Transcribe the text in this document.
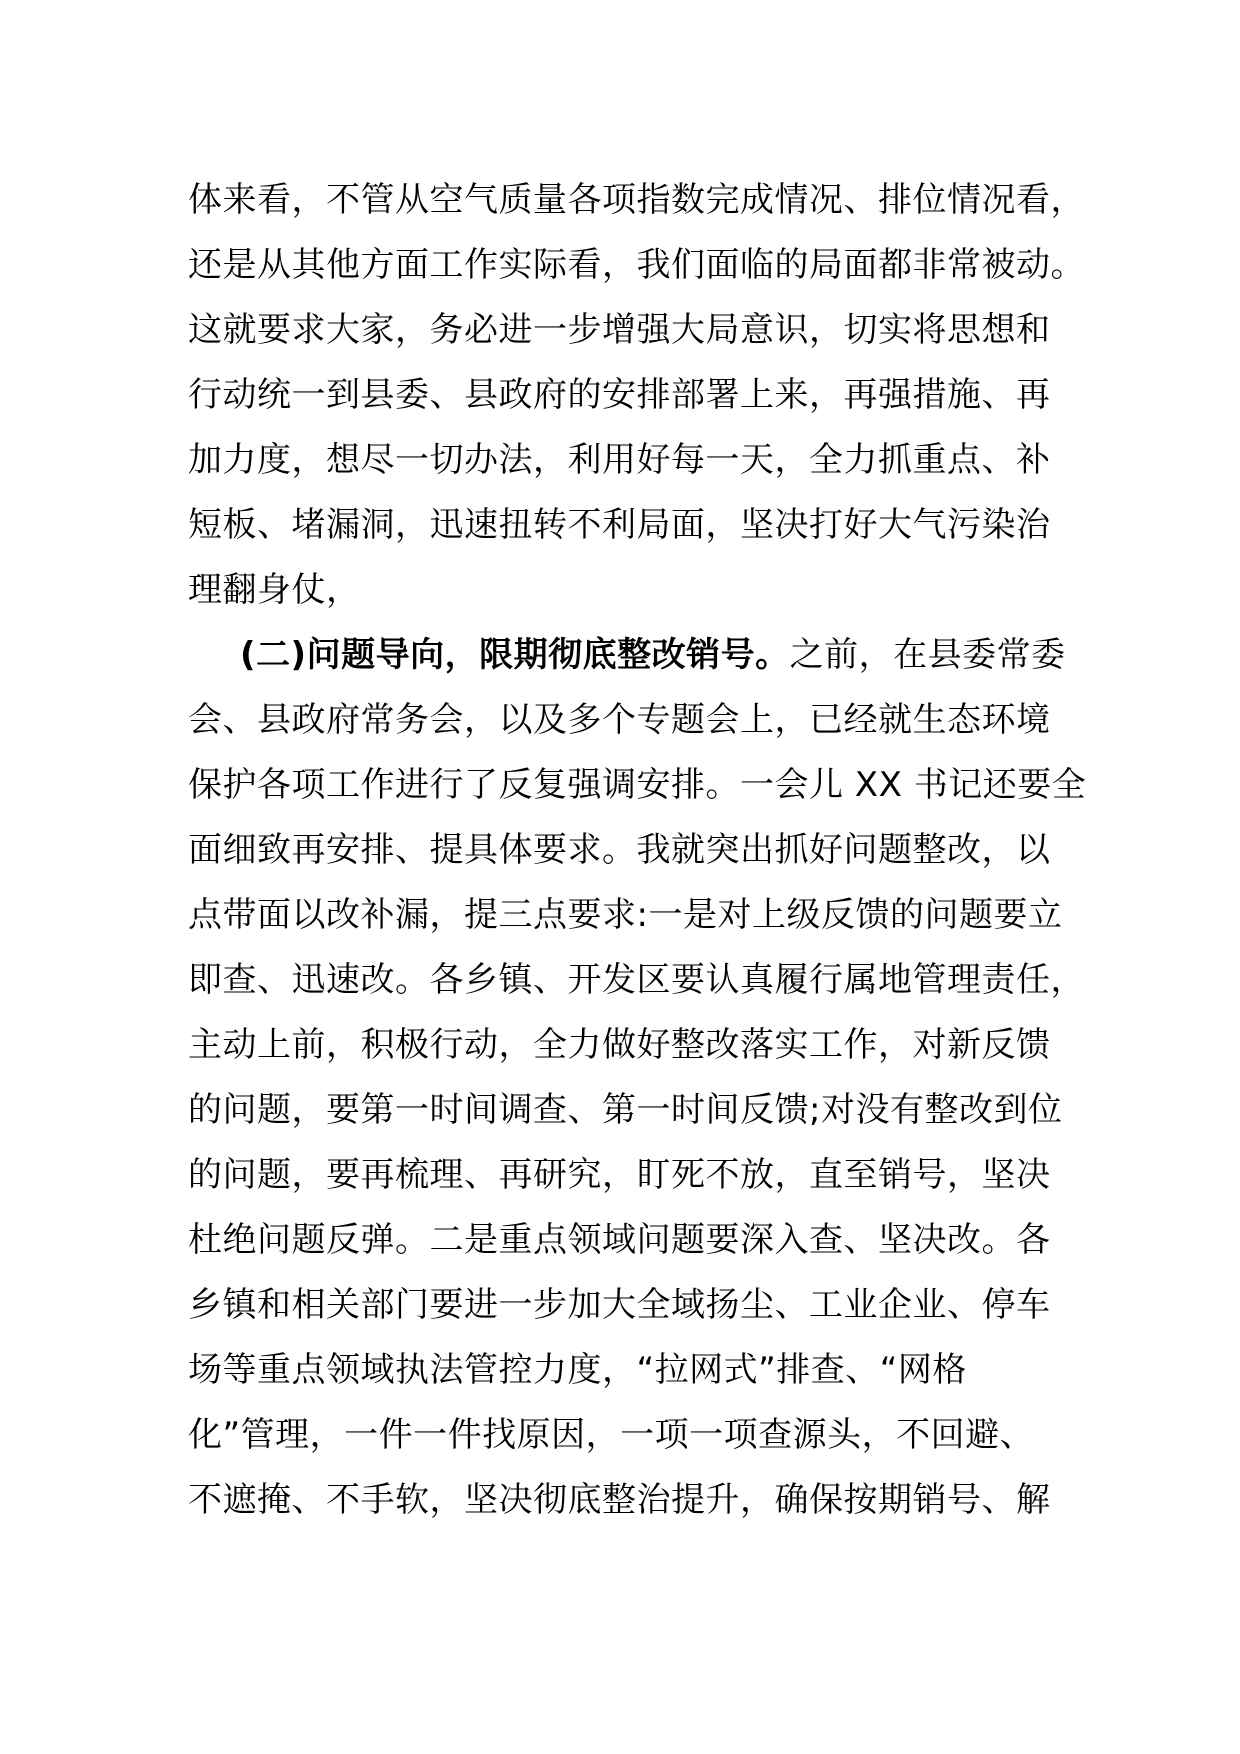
体来看，不管从空气质量各项指数完成情况、排位情况看，
还是从其他方面工作实际看，我们面临的局面都非常被动。
这就要求大家，务必进一步增强大局意识，切实将思想和
行动统一到县委、县政府的安排部署上来，再强措施、再
加力度，想尽一切办法，利用好每一天，全力抓重点、补
短板、堵漏洞，迅速扭转不利局面，坚决打好大气污染治
理翻身仗，
(二)问题导向，限期彻底整改销号。之前，在县委常委
会、县政府常务会，以及多个专题会上，已经就生态环境
保护各项工作进行了反复强调安排。一会儿 XX 书记还要全
面细致再安排、提具体要求。我就突出抓好问题整改，以
点带面以改补漏，提三点要求:一是对上级反馈的问题要立
即查、迅速改。各乡镇、开发区要认真履行属地管理责任，
主动上前，积极行动，全力做好整改落实工作，对新反馈
的问题，要第一时间调查、第一时间反馈;对没有整改到位
的问题，要再梳理、再研究，盯死不放，直至销号，坚决
杜绝问题反弹。二是重点领域问题要深入查、坚决改。各
乡镇和相关部门要进一步加大全域扬尘、工业企业、停车
场等重点领域执法管控力度，“拉网式”排查、“网格
化”管理，一件一件找原因，一项一项查源头，不回避、
不遮掩、不手软，坚决彻底整治提升，确保按期销号、解
